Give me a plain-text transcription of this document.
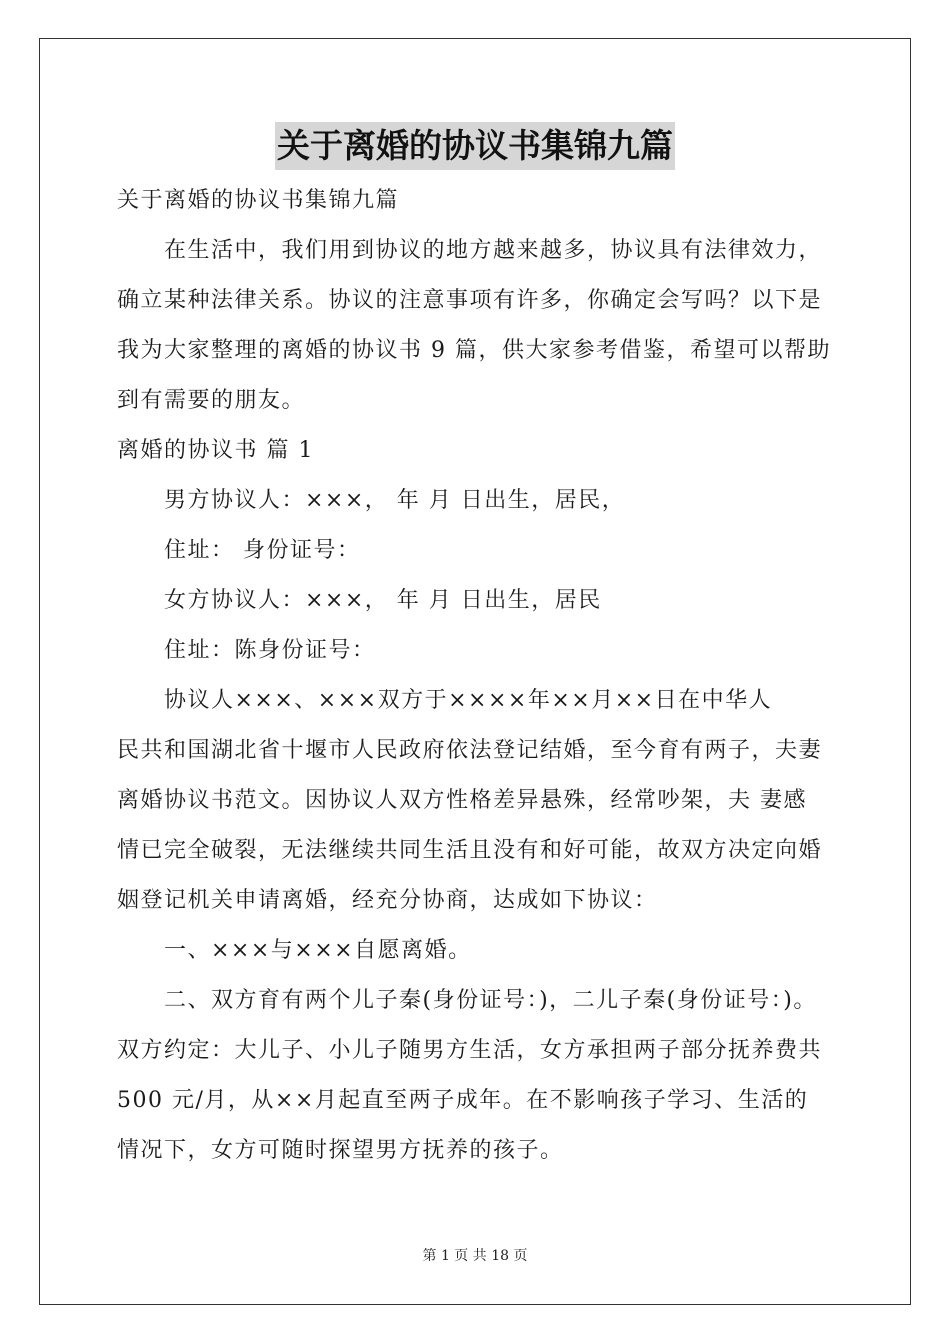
关于离婚的协议书集锦九篇
关于离婚的协议书集锦九篇
在生活中，我们用到协议的地方越来越多，协议具有法律效力，
确立某种法律关系。协议的注意事项有许多，你确定会写吗？以下是
我为大家整理的离婚的协议书 9 篇，供大家参考借鉴，希望可以帮助
到有需要的朋友。
离婚的协议书 篇 1
男方协议人：×××， 年 月 日出生，居民，
住址： 身份证号：
女方协议人：×××， 年 月 日出生，居民
住址：陈身份证号：
协议人×××、×××双方于××××年××月××日在中华人
民共和国湖北省十堰市人民政府依法登记结婚，至今育有两子，夫妻
离婚协议书范文。因协议人双方性格差异悬殊，经常吵架，夫 妻感
情已完全破裂，无法继续共同生活且没有和好可能，故双方决定向婚
姻登记机关申请离婚，经充分协商，达成如下协议：
一、×××与×××自愿离婚。
二、双方育有两个儿子秦(身份证号：)，二儿子秦(身份证号：)。
双方约定：大儿子、小儿子随男方生活，女方承担两子部分抚养费共
500 元/月，从××月起直至两子成年。在不影响孩子学习、生活的
情况下，女方可随时探望男方抚养的孩子。
第 1 页 共 18 页
